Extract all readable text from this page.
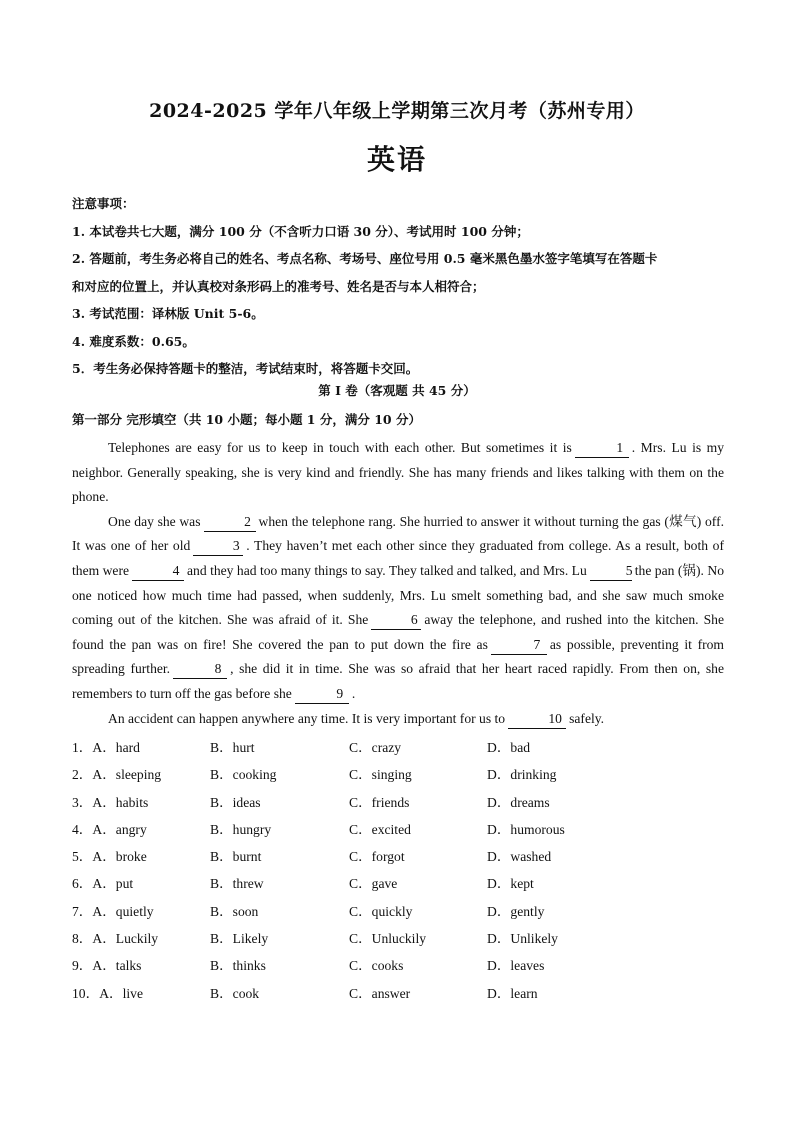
2024-2025 学年八年级上学期第三次月考（苏州专用）
英语
注意事项：
1. 本试卷共七大题，满分 100 分（不含听力口语 30 分）、考试用时 100 分钟；
2. 答题前，考生务必将自己的姓名、考点名称、考场号、座位号用 0.5 毫米黑色墨水签字笔填写在答题卡
和对应的位置上，并认真校对条形码上的准考号、姓名是否与本人相符合；
3. 考试范围：译林版 Unit 5-6。
4. 难度系数：0.65。
5．考生务必保持答题卡的整洁，考试结束时，将答题卡交回。
第 I 卷（客观题 共 45 分）
第一部分 完形填空（共 10 小题；每小题 1 分，满分 10 分）

Telephones are easy for us to keep in touch with each other. But sometimes it is	1 . Mrs. Lu is my neighbor. Generally speaking, she is very kind and friendly. She has many friends and likes talking with them on the phone.

One day she was	2 when the telephone rang. She hurried to answer it without turning the gas (煤气) off. It was one of her old	3 . They haven’t met each other since they graduated from college. As a result, both of them were	4 and they had too many things to say. They talked and talked, and Mrs. Lu	5 the pan (锅). No one noticed how much time had passed, when suddenly, Mrs. Lu smelt something bad, and she saw much smoke coming out of the kitchen. She was afraid of it. She	6 away the telephone, and rushed into the kitchen. She found the pan was on fire! She covered the pan to put down the fire as	7 as possible, preventing it from spreading further.	8 , she did it in time. She was so afraid that her heart raced rapidly. From then on, she remembers to turn off the gas before she	9 .

An accident can happen anywhere any time. It is very important for us to	10 safely.

1．A．hard	B．hurt	C．crazy	D．bad
2．A．sleeping	B．cooking	C．singing	D．drinking
3．A．habits	B．ideas	C．friends	D．dreams
4．A．angry	B．hungry	C．excited	D．humorous
5．A．broke	B．burnt	C．forgot	D．washed
6．A．put	B．threw	C．gave	D．kept
7．A．quietly	B．soon	C．quickly	D．gently
8．A．Luckily	B．Likely	C．Unluckily	D．Unlikely
9．A．talks	B．thinks	C．cooks	D．leaves
10．A．live	B．cook	C．answer	D．learn
